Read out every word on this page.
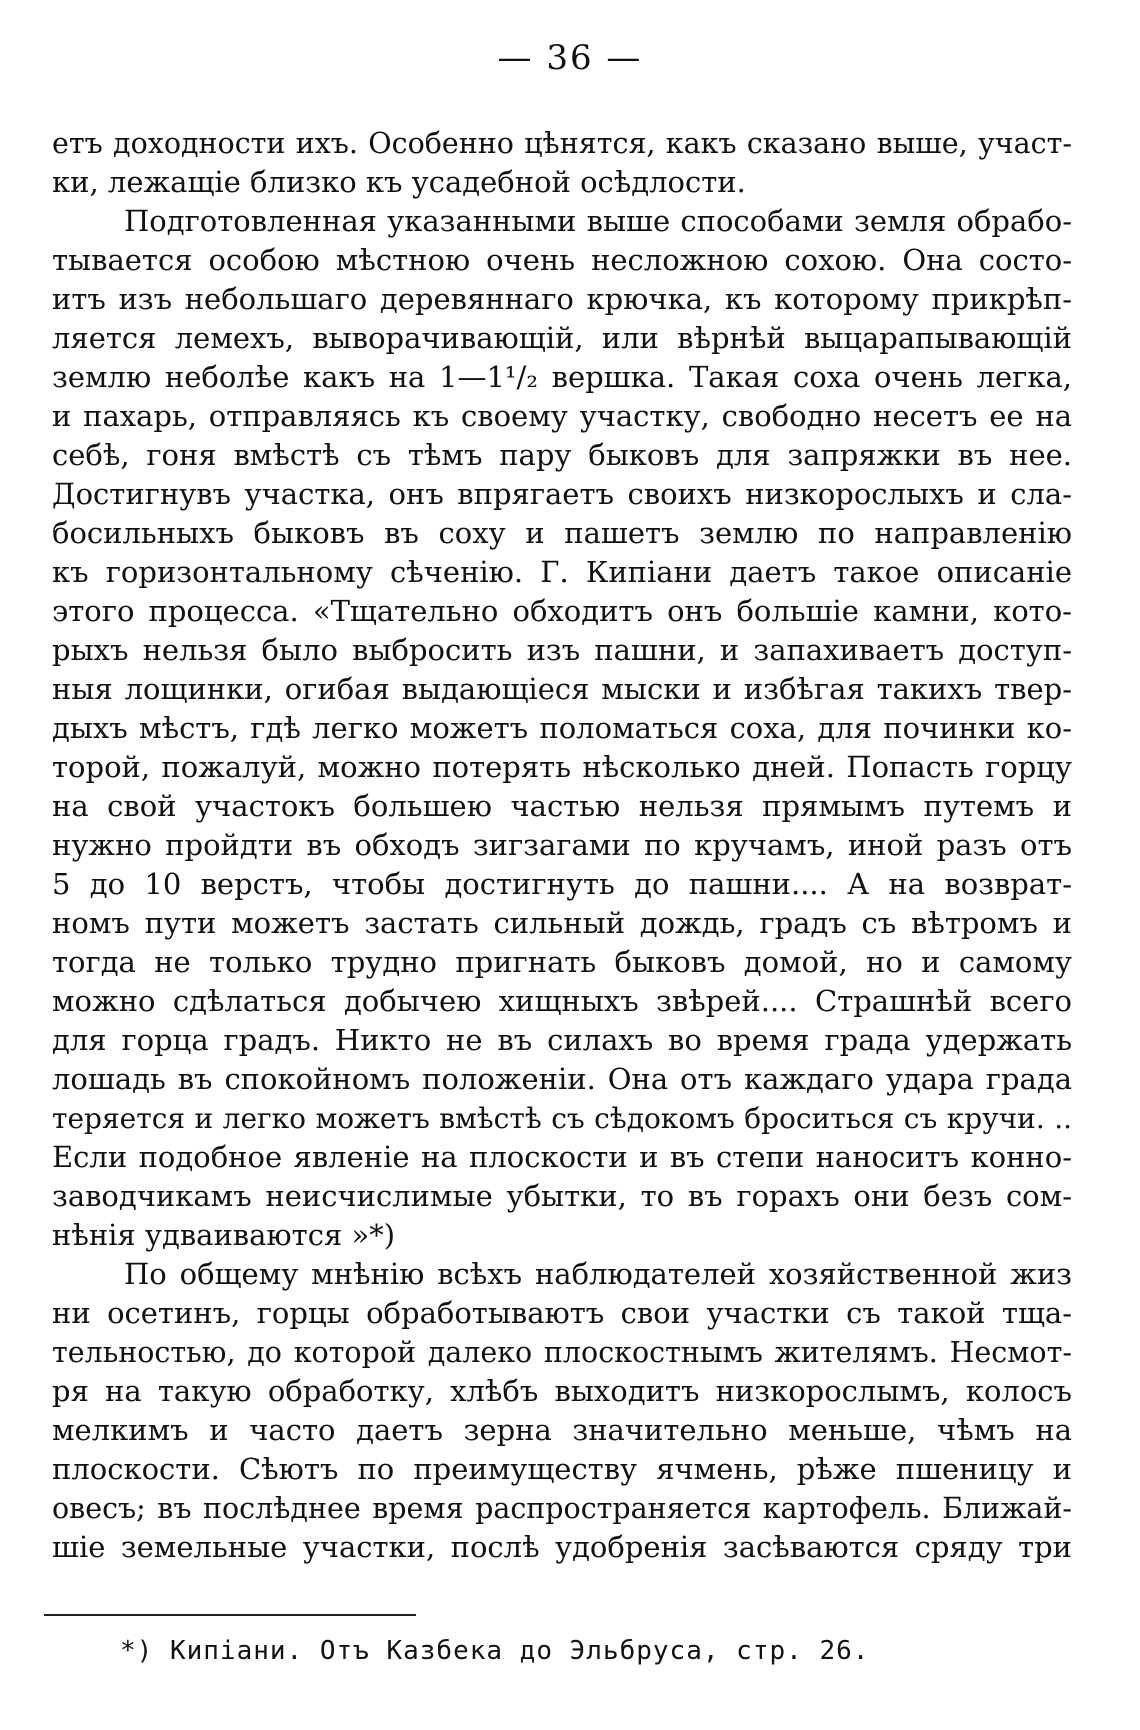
— 36 —
етъ доходности ихъ. Особенно цѣнятся, какъ сказано выше, участ-
ки, лежащіе близко къ усадебной осѣдлости.
Подготовленная указанными выше способами земля обрабо-
тывается особою мѣстною очень несложною сохою. Она состо-
итъ изъ небольшаго деревяннаго крючка, къ которому прикрѣп-
ляется лемехъ, выворачивающій, или вѣрнѣй выцарапывающій
землю неболѣе какъ на 1—1¹/₂ вершка. Такая соха очень легка,
и пахарь, отправляясь къ своему участку, свободно несетъ ее на
себѣ, гоня вмѣстѣ съ тѣмъ пару быковъ для запряжки въ нее.
Достигнувъ участка, онъ впрягаетъ своихъ низкорослыхъ и сла-
босильныхъ быковъ въ соху и пашетъ землю по направленію
къ горизонтальному сѣченію. Г. Кипіани даетъ такое описаніе
этого процесса. «Тщательно обходитъ онъ большіе камни, кото-
рыхъ нельзя было выбросить изъ пашни, и запахиваетъ доступ-
ныя лощинки, огибая выдающіеся мыски и избѣгая такихъ твер-
дыхъ мѣстъ, гдѣ легко можетъ поломаться соха, для починки ко-
торой, пожалуй, можно потерять нѣсколько дней. Попасть горцу
на свой участокъ большею частью нельзя прямымъ путемъ и
нужно пройдти въ обходъ зигзагами по кручамъ, иной разъ отъ
5 до 10 верстъ, чтобы достигнуть до пашни.... А на возврат-
номъ пути можетъ застать сильный дождь, градъ съ вѣтромъ и
тогда не только трудно пригнать быковъ домой, но и самому
можно сдѣлаться добычею хищныхъ звѣрей.... Страшнѣй всего
для горца градъ. Никто не въ силахъ во время града удержать
лошадь въ спокойномъ положеніи. Она отъ каждаго удара града
теряется и легко можетъ вмѣстѣ съ сѣдокомъ броситься съ кручи. ..
Если подобное явленіе на плоскости и въ степи наноситъ коннo-
заводчикамъ неисчислимые убытки, то въ горахъ они безъ сом-
нѣнія удваиваются »*)
По общему мнѣнію всѣхъ наблюдателей хозяйственной жиз
ни осетинъ, горцы обработываютъ свои участки съ такой тща-
тельностью, до которой далеко плоскостнымъ жителямъ. Несмот-
ря на такую обработку, хлѣбъ выходитъ низкорослымъ, колосъ
мелкимъ и часто даетъ зерна значительно меньше, чѣмъ на
плоскости. Сѣютъ по преимуществу ячмень, рѣже пшеницу и
овесъ; въ послѣднее время распространяется картофель. Ближай-
шіе земельные участки, послѣ удобренія засѣваются сряду три
*) Кипіани. Отъ Казбека до Эльбруса, стр. 26.
